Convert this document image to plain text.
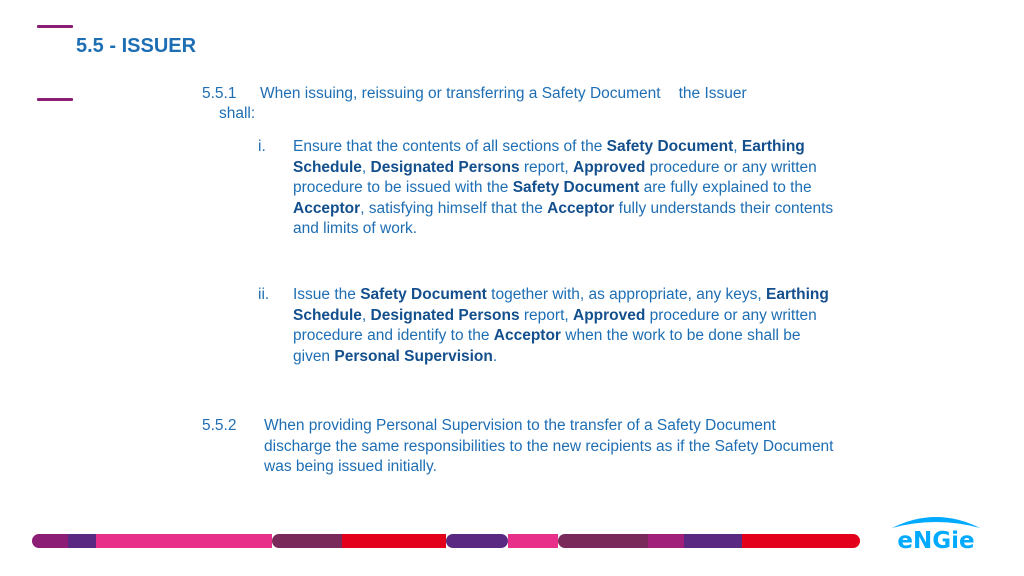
5.5 - ISSUER
5.5.1 When issuing, reissuing or transferring a Safety Document the Issuer
shall:
i. Ensure that the contents of all sections of the Safety Document, Earthing Schedule, Designated Persons report, Approved procedure or any written procedure to be issued with the Safety Document are fully explained to the Acceptor, satisfying himself that the Acceptor fully understands their contents and limits of work.
ii. Issue the Safety Document together with, as appropriate, any keys, Earthing Schedule, Designated Persons report, Approved procedure or any written procedure and identify to the Acceptor when the work to be done shall be given Personal Supervision.
5.5.2 When providing Personal Supervision to the transfer of a Safety Document discharge the same responsibilities to the new recipients as if the Safety Document was being issued initially.
eNGie
